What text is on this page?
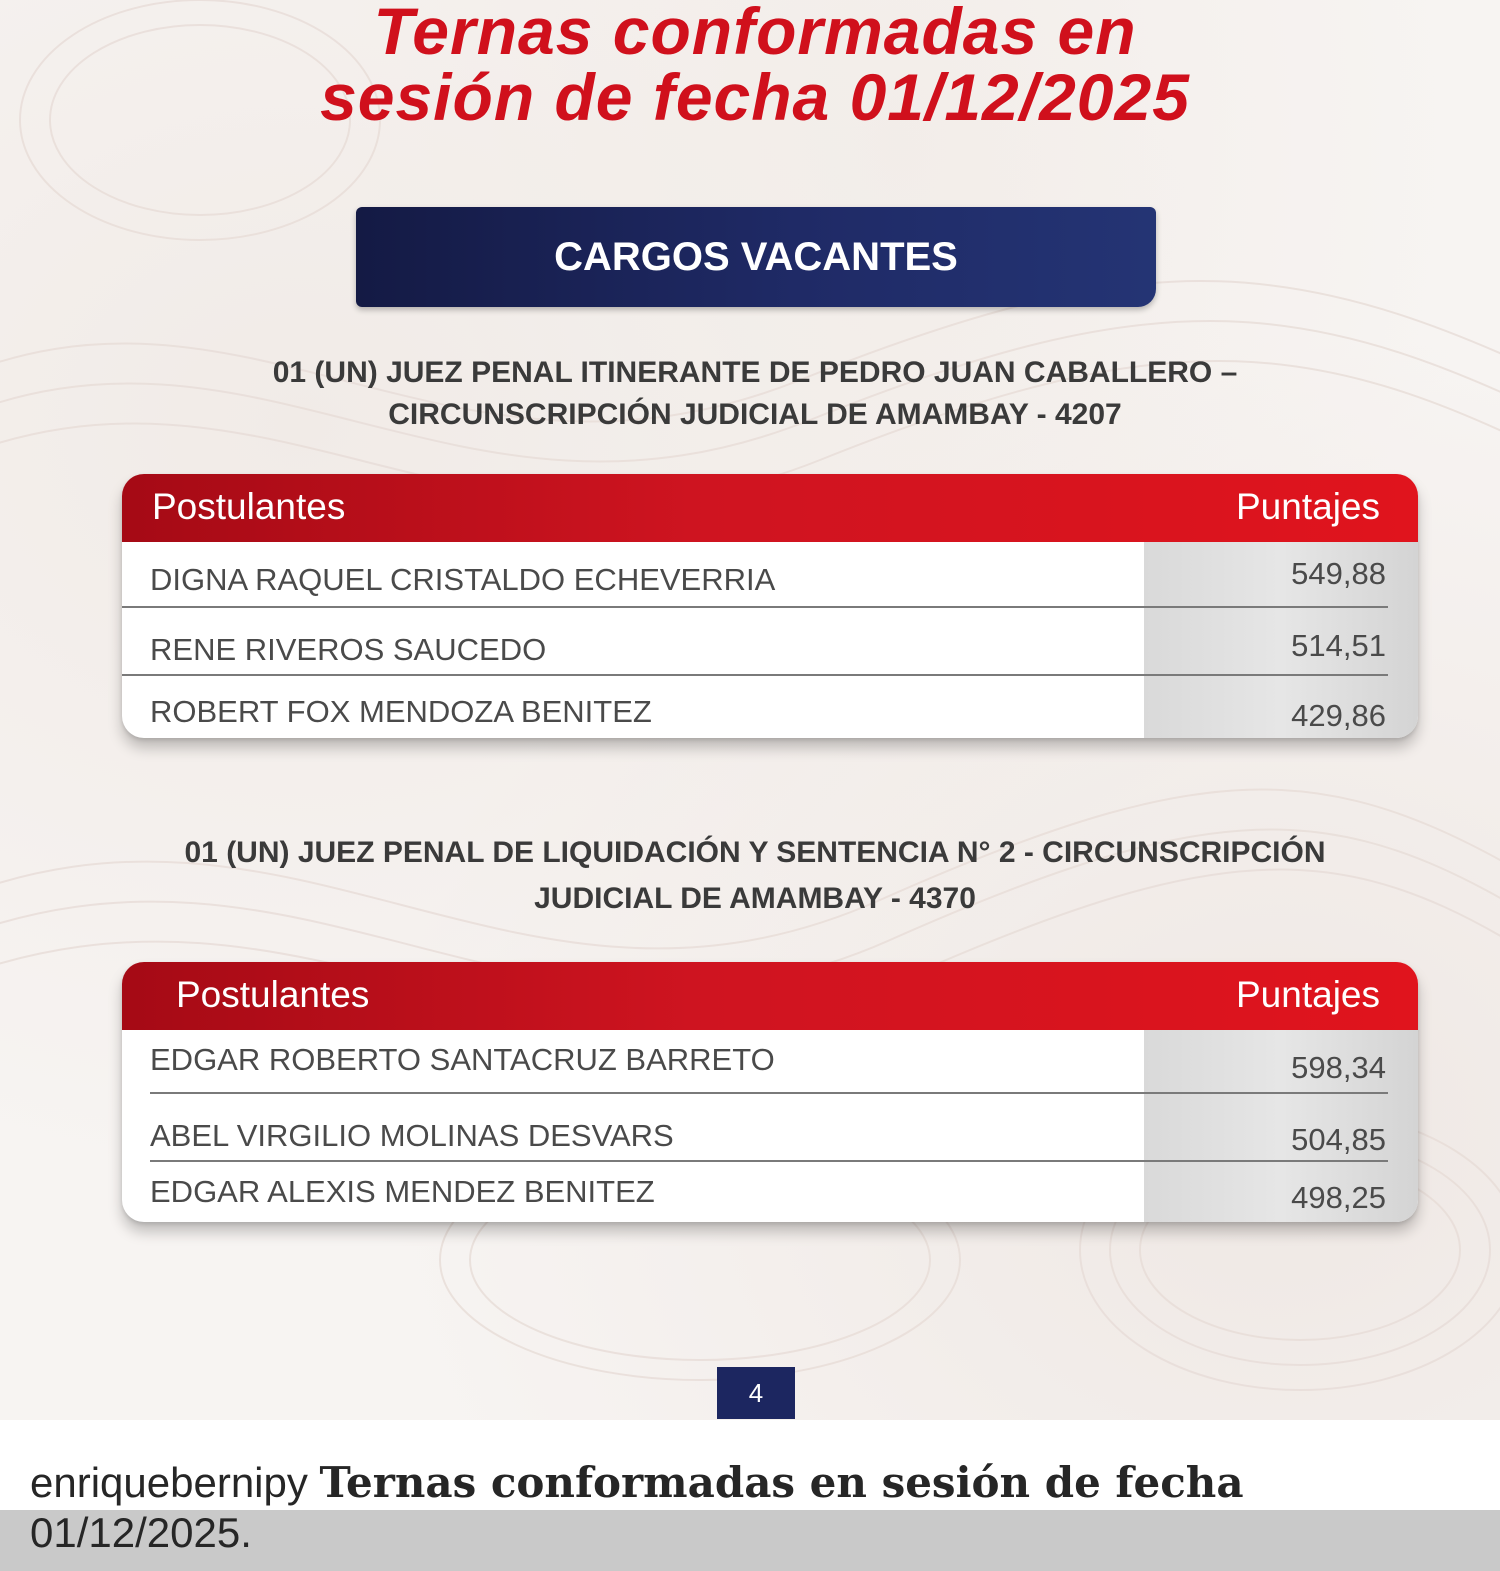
Ternas conformadas en
sesión de fecha 01/12/2025
CARGOS VACANTES
01 (UN) JUEZ PENAL ITINERANTE DE PEDRO JUAN CABALLERO –
CIRCUNSCRIPCIÓN JUDICIAL DE AMAMBAY - 4207
Postulantes	Puntajes
DIGNA RAQUEL CRISTALDO ECHEVERRIA	549,88
RENE RIVEROS SAUCEDO	514,51
ROBERT FOX MENDOZA BENITEZ	429,86
01 (UN) JUEZ PENAL DE LIQUIDACIÓN Y SENTENCIA N° 2 - CIRCUNSCRIPCIÓN
JUDICIAL DE AMAMBAY - 4370
Postulantes	Puntajes
EDGAR ROBERTO SANTACRUZ BARRETO	598,34
ABEL VIRGILIO MOLINAS DESVARS	504,85
EDGAR ALEXIS MENDEZ BENITEZ	498,25
4
enriquebernipy Ternas conformadas en sesión de fecha
01/12/2025.
